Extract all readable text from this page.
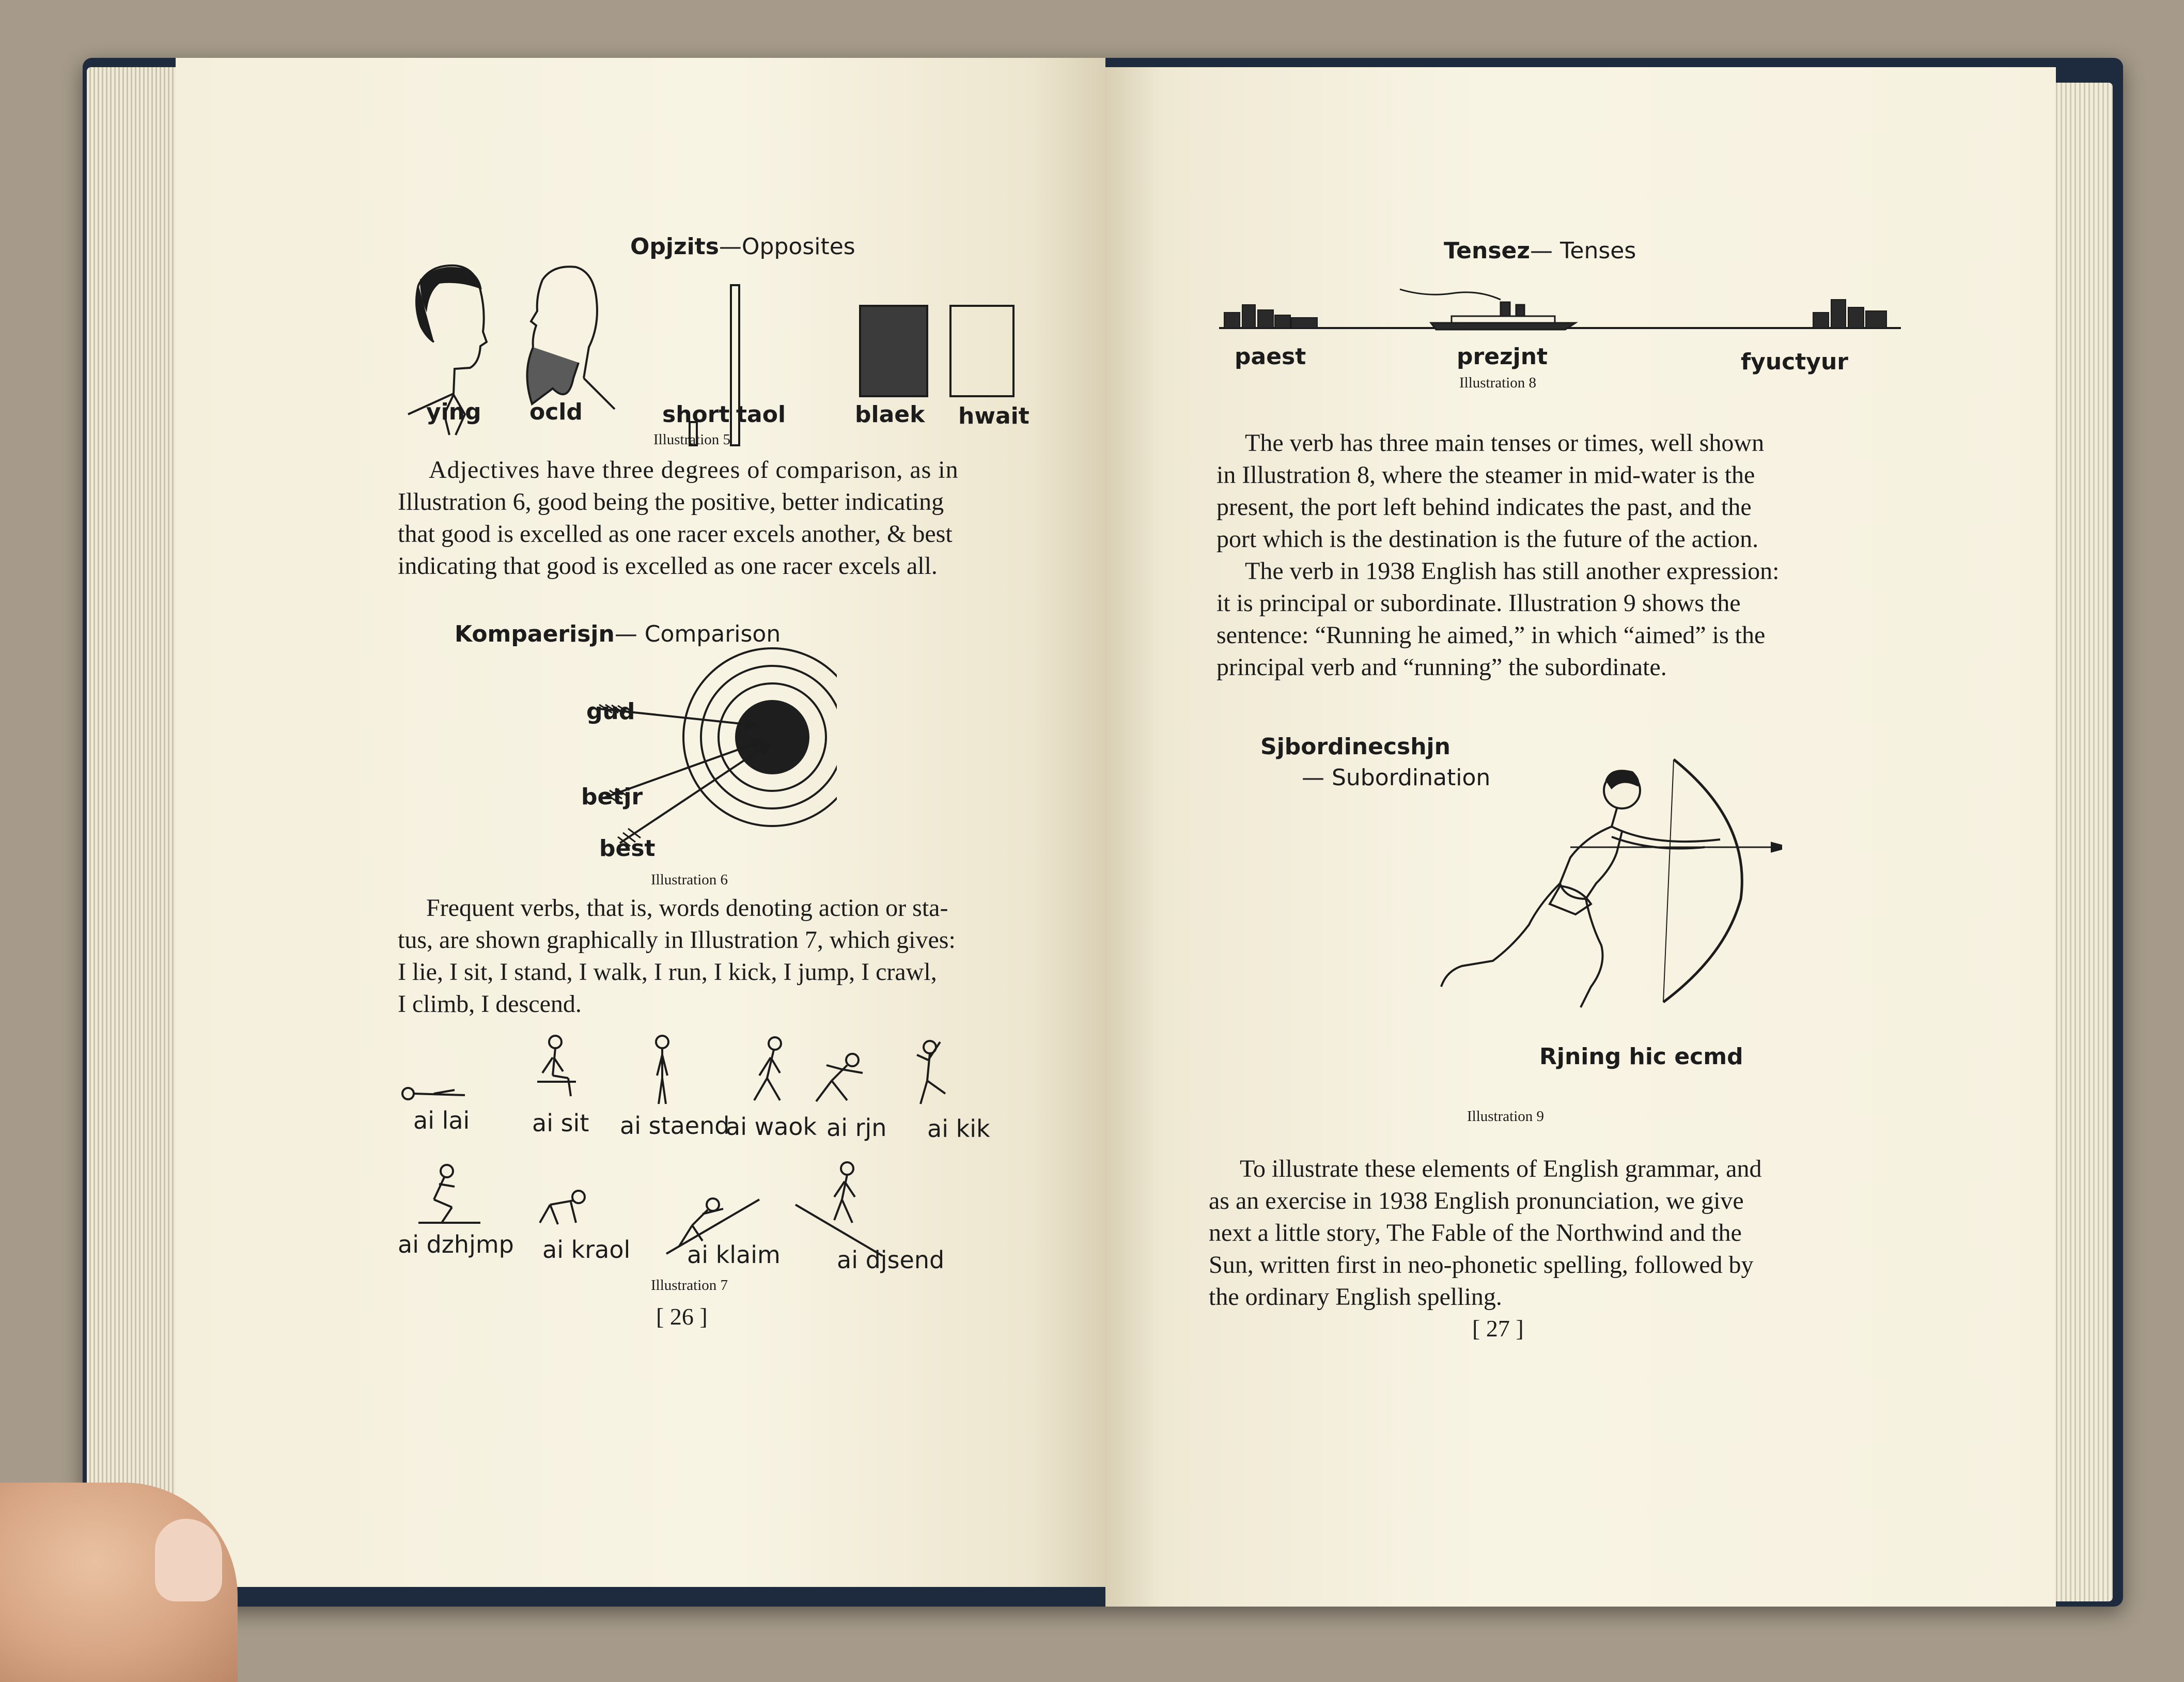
Opjzits—Opposites
ying ocld	short taol	blaek hwait
Illustration 5
Adjectives have three degrees of comparison, as in
Illustration 6, good being the positive, better indicating
that good is excelled as one racer excels another, & best
indicating that good is excelled as one racer excels all.
Kompaerisjn— Comparison
gud
betjr
best
Illustration 6
Frequent verbs, that is, words denoting action or sta-
tus, are shown graphically in Illustration 7, which gives:
I lie, I sit, I stand, I walk, I run, I kick, I jump, I crawl,
I climb, I descend.
ai lai	ai sit ai staend
ai waok ai rjn ai kik
ai dzhjmp ai kraol ai klaim ai djsend
Illustration 7
[ 26 ]
Tensez— Tenses
paest	prezjnt	fyuctyur
Illustration 8
The verb has three main tenses or times, well shown
in Illustration 8, where the steamer in mid-water is the
present, the port left behind indicates the past, and the
port which is the destination is the future of the action.
The verb in 1938 English has still another expression:
it is principal or subordinate. Illustration 9 shows the
sentence: “Running he aimed,” in which “aimed” is the
principal verb and “running” the subordinate.
Sjbordinecshjn
— Subordination
Rjning hic ecmd
Illustration 9
To illustrate these elements of English grammar, and
as an exercise in 1938 English pronunciation, we give
next a little story, The Fable of the Northwind and the
Sun, written first in neo-phonetic spelling, followed by
the ordinary English spelling.
[ 27 ]
